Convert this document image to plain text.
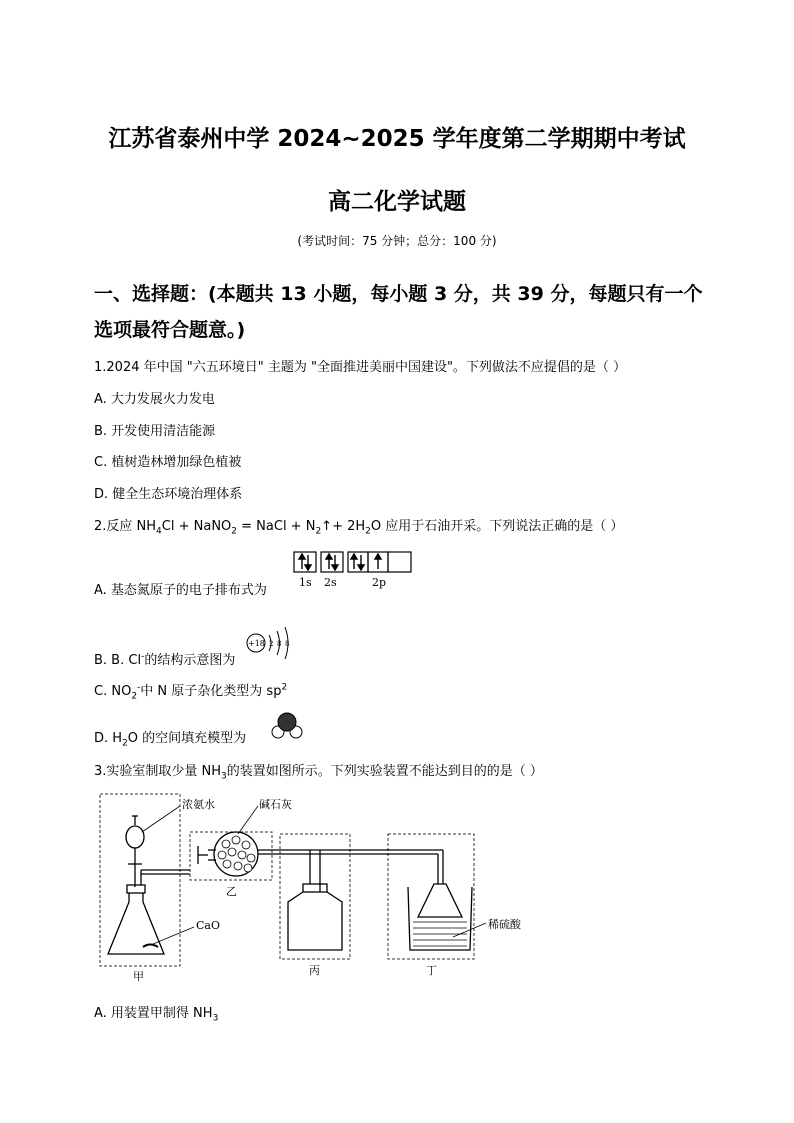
江苏省泰州中学 2024~2025 学年度第二学期期中考试
高二化学试题
(考试时间：75 分钟；总分：100 分)
一、选择题：(本题共 13 小题，每小题 3 分，共 39 分，每题只有一个选项最符合题意。)
1.2024 年中国 "六五环境日" 主题为 "全面推进美丽中国建设"。下列做法不应提倡的是（ ）
A. 大力发展火力发电
B. 开发使用清洁能源
C. 植树造林增加绿色植被
D. 健全生态环境治理体系
2.反应 $NH_4Cl$ + NaNO$_2$ = NaCl + $N_2↑+ 2H_2O$ 应用于石油开采。下列说法正确的是（ ）
A. 基态氮原子的电子排布式为
1s 2s	2p
B. B. Cl-的结构示意图为
+18 2 8 8
C. $NO_2^-$中 N 原子杂化类型为 $sp^2$
D. $H_2O$ 的空间填充模型为
3.实验室制取少量 $NH_3$的装置如图所示。下列实验装置不能达到目的的是（ ）
浓氨水	碱石灰
CaO	稀硫酸
甲
乙
丙	丁
A. 用装置甲制得 $NH_3$
